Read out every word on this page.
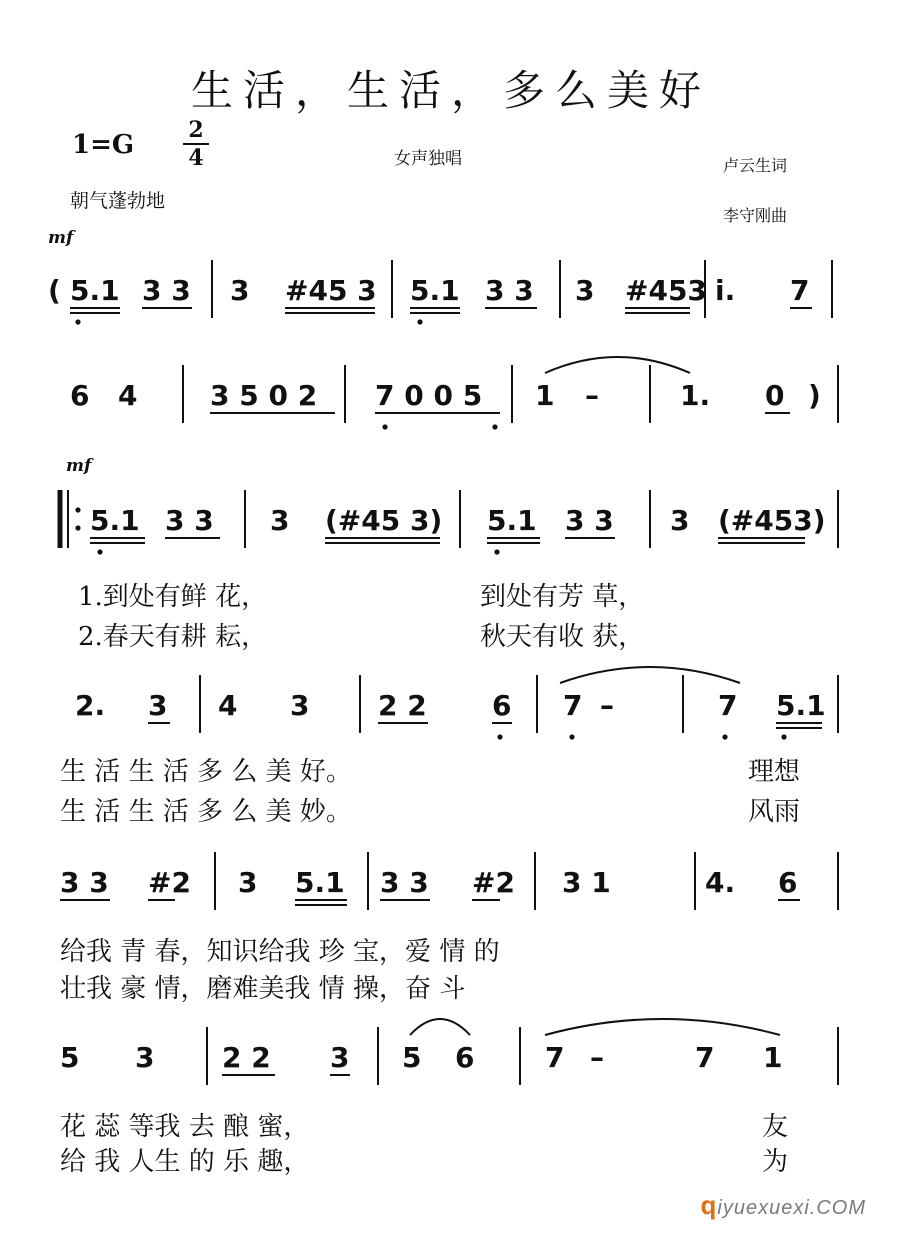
生活，生活，多么美好
1=G 2
4	女声独唱
朝气蓬勃地
卢云生词
李守刚曲
mf
mf
( 5.1 3 3 3 #45 3 5.1 3 3 3 #453 i. 7
6 4	3 5 0 2 7 0 0 5 1 –	1. 0 )
5.1 3 3 3 (#45 3) 5.1 3 3 3 (#453)
1.到处有鲜 花，	到处有芳 草，
2.春天有耕 耘，	秋天有收 获，
2. 3 4 3 2 2 6 7 –	7 5.1
生 活 生 活 多 么 美 好。	理想
生 活 生 活 多 么 美 妙。	风雨
3 3 #2 3 5.1 3 3 #2 3 1	4. 6
给我 青 春，知识给我 珍 宝，爱 情 的
壮我 豪 情，磨难美我 情 操，奋 斗
5 3 2 2 3 5 6	7 –	7 1
花 蕊 等我 去 酿 蜜，	友
给 我 人生 的 乐 趣，	为
qiyuexuexi.COM
